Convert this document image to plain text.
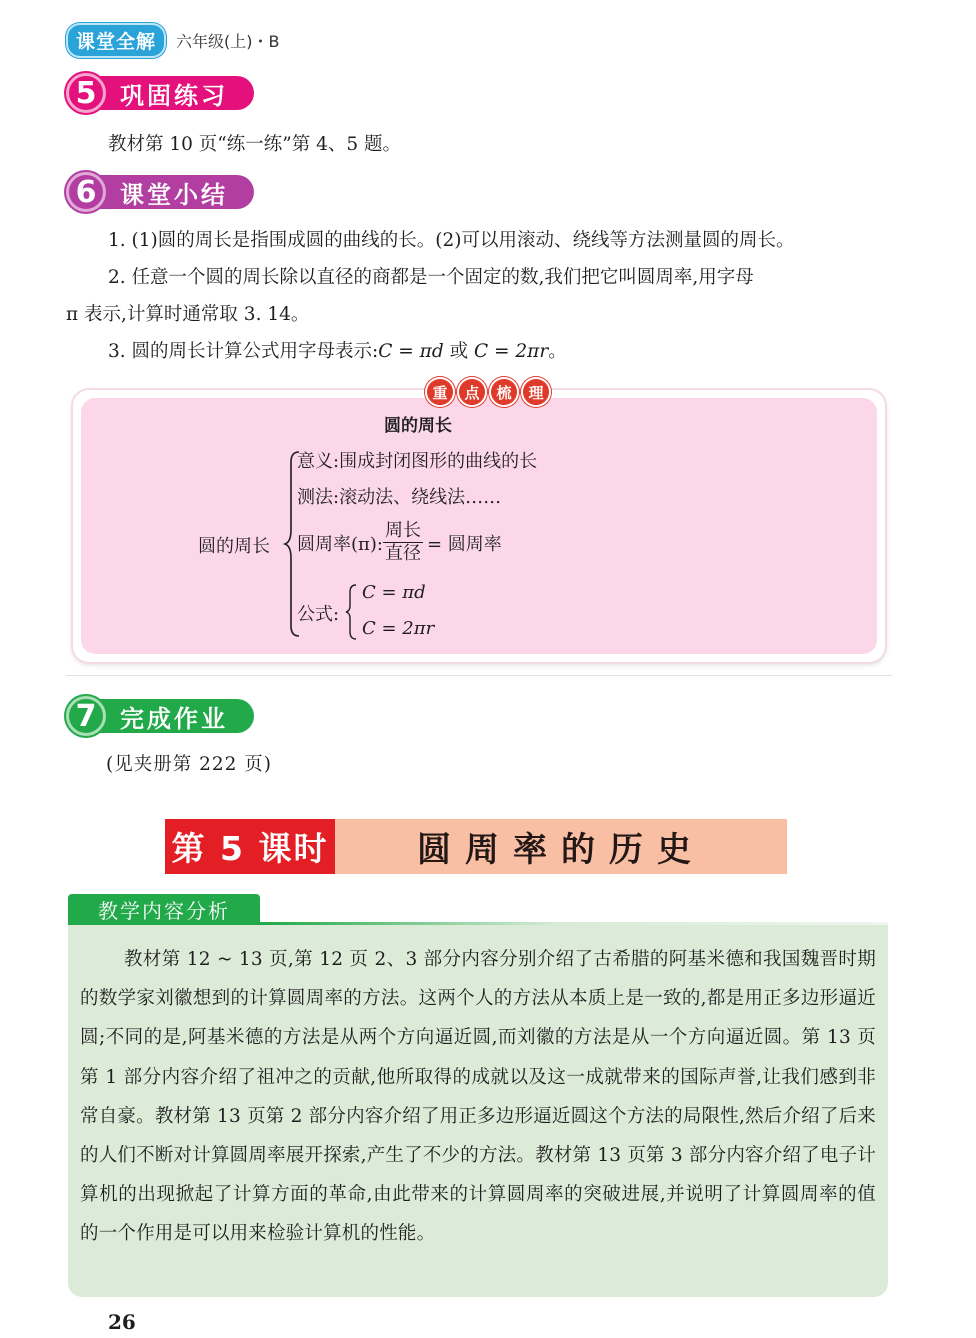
课堂全解	六年级(上)・B
5 巩固练习
教材第 10 页“练一练”第 4、5 题。
6 课堂小结
1. (1)圆的周长是指围成圆的曲线的长。(2)可以用滚动、绕线等方法测量圆的周长。
2. 任意一个圆的周长除以直径的商都是一个固定的数,我们把它叫圆周率,用字母
π 表示,计算时通常取 3. 14。
3. 圆的周长计算公式用字母表示:C = πd 或 C = 2πr。
重	点	梳	理
圆的周长
圆的周长
意义:围成封闭图形的曲线的长
测法:滚动法、绕线法……
圆周率(π): $\frac{\text{周长}}{\text{直径}}$ = 圆周率
公式:
C = πd
C = 2πr
7 完成作业
(见夹册第 222 页)
第 5 课时	圆周率的历史
教学内容分析
教材第 12 ~ 13 页,第 12 页 2、3 部分内容分别介绍了古希腊的阿基米德和我国魏晋时期的数学家刘徽想到的计算圆周率的方法。这两个人的方法从本质上是一致的,都是用正多边形逼近圆;不同的是,阿基米德的方法是从两个方向逼近圆,而刘徽的方法是从一个方向逼近圆。第 13 页第 1 部分内容介绍了祖冲之的贡献,他所取得的成就以及这一成就带来的国际声誉,让我们感到非常自豪。教材第 13 页第 2 部分内容介绍了用正多边形逼近圆这个方法的局限性,然后介绍了后来的人们不断对计算圆周率展开探索,产生了不少的方法。教材第 13 页第 3 部分内容介绍了电子计算机的出现掀起了计算方面的革命,由此带来的计算圆周率的突破进展,并说明了计算圆周率的值的一个作用是可以用来检验计算机的性能。
26
